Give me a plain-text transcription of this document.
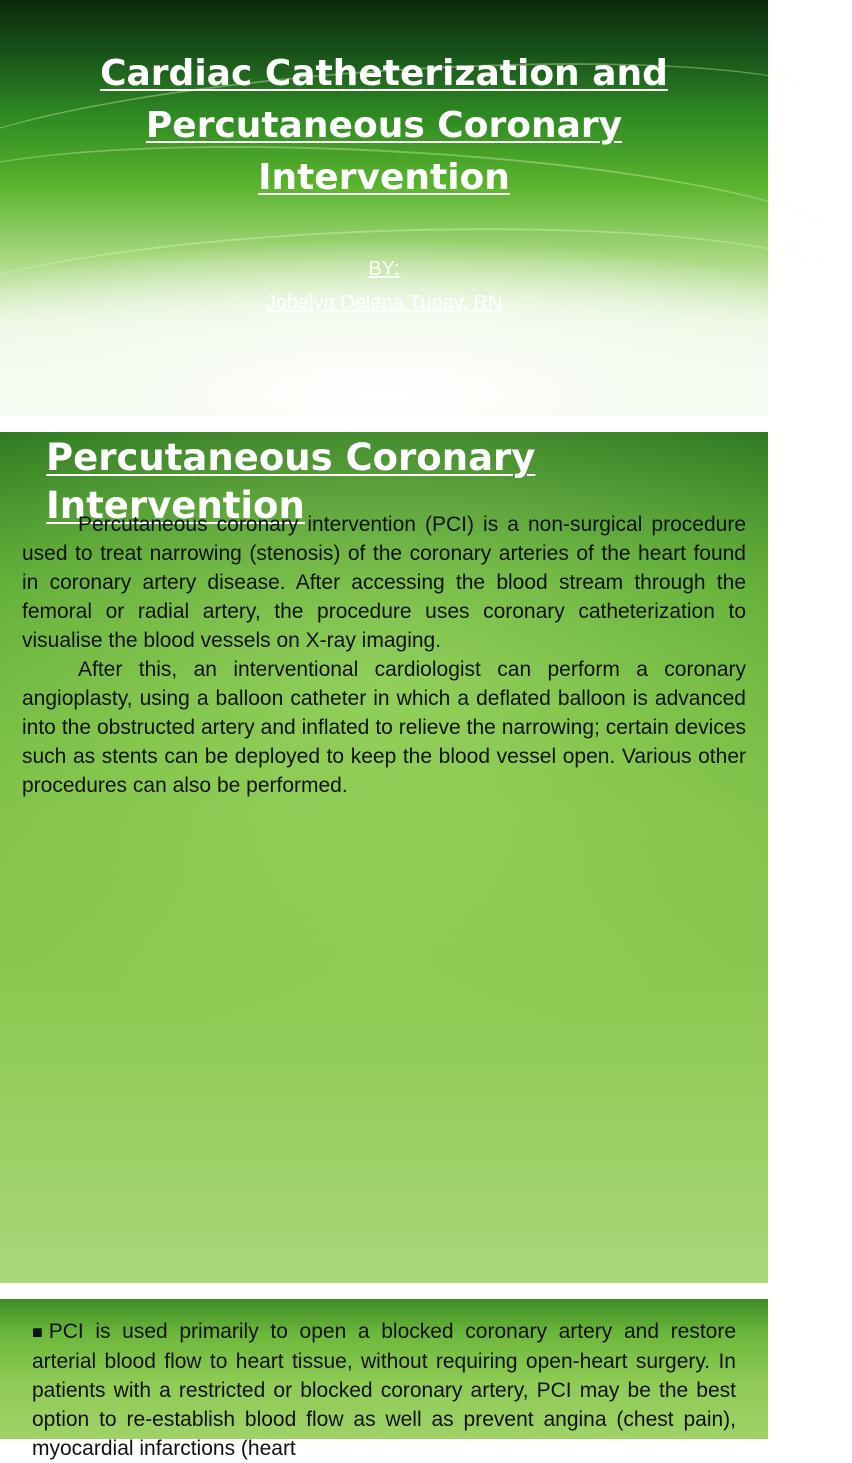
Cardiac Catheterization and Percutaneous Coronary Intervention
BY:
Jobelyn Delena Tunay, RN
Percutaneous Coronary Intervention

Percutaneous coronary intervention (PCI) is a non-surgical procedure used to treat narrowing (stenosis) of the coronary arteries of the heart found in coronary artery disease. After accessing the blood stream through the femoral or radial artery, the procedure uses coronary catheterization to visualise the blood vessels on X-ray imaging.

After this, an interventional cardiologist can perform a coronary angioplasty, using a balloon catheter in which a deflated balloon is advanced into the obstructed artery and inflated to relieve the narrowing; certain devices such as stents can be deployed to keep the blood vessel open. Various other procedures can also be performed.

■PCI is used primarily to open a blocked coronary artery and restore arterial blood flow to heart tissue, without requiring open-heart surgery. In patients with a restricted or blocked coronary artery, PCI may be the best option to re-establish blood flow as well as prevent angina (chest pain), myocardial infarctions (heart
